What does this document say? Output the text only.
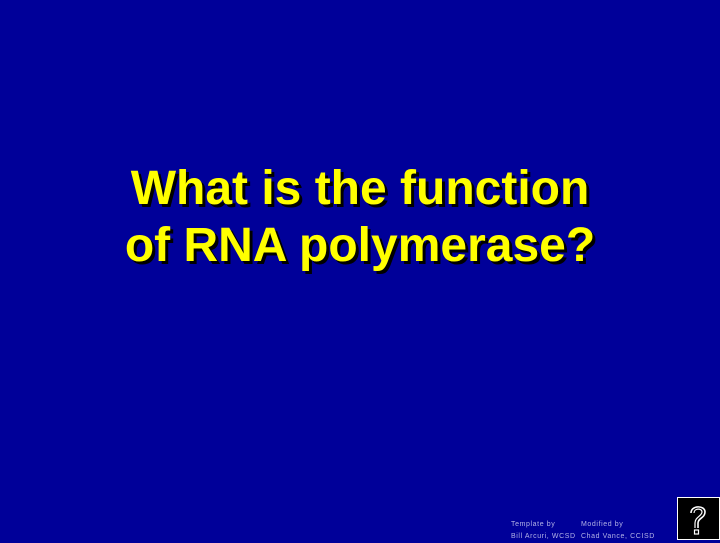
What is the function
of RNA polymerase?
Template by
Bill Arcuri, WCSD
Modified by
Chad Vance, CCISD
